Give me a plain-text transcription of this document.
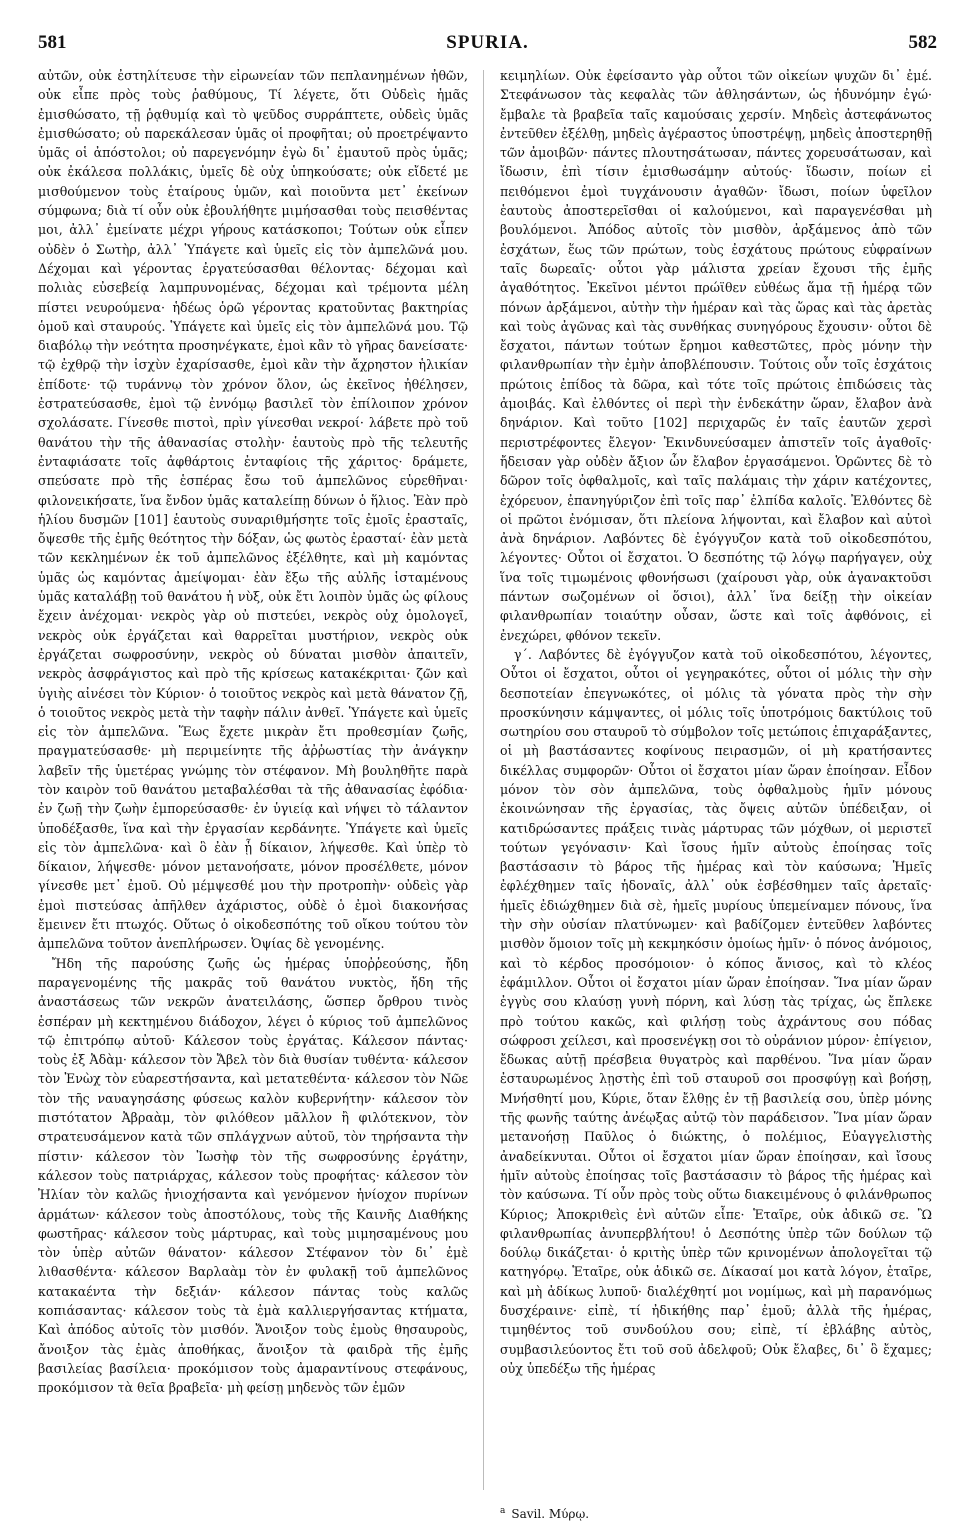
581	SPURIA.	582

αὐτῶν, οὐκ ἐστηλίτευσε τὴν εἰρωνείαν τῶν πεπλανημένων ἠθῶν, οὐκ εἶπε πρὸς τοὺς ῥαθύμους, Τί λέγετε, ὅτι Οὐδεὶς ἡμᾶς ἐμισθώσατο, τῇ ῥᾳθυμίᾳ καὶ τὸ ψεῦδος συρράπτετε, οὐδεὶς ὑμᾶς ἐμισθώσατο; οὐ παρεκάλεσαν ὑμᾶς οἱ προφῆται; οὐ προετρέψαντο ὑμᾶς οἱ ἀπόστολοι; οὐ παρεγενόμην ἐγὼ δι᾿ ἐμαυτοῦ πρὸς ὑμᾶς; οὐκ ἐκάλεσα πολλάκις, ὑμεῖς δὲ οὐχ ὑπηκούσατε; οὐκ εἴδετέ με μισθούμενον τοὺς ἑταίρους ὑμῶν, καὶ ποιοῦντα μετ᾿ ἐκείνων σύμφωνα; διὰ τί οὖν οὐκ ἐβουλήθητε μιμήσασθαι τοὺς πεισθέντας μοι, ἀλλ᾿ ἐμείνατε μέχρι γήρους κατάσκοποι; Τούτων οὐκ εἶπεν οὐδὲν ὁ Σωτὴρ, ἀλλ᾿ Ὑπάγετε καὶ ὑμεῖς εἰς τὸν ἀμπελῶνά μου. Δέχομαι καὶ γέροντας ἐργατεύσασθαι θέλοντας· δέχομαι καὶ πολιὰς εὐσεβείᾳ λαμπρυνομένας, δέχομαι καὶ τρέμοντα μέλη πίστει νευρούμενα· ἡδέως ὁρῶ γέροντας κρατοῦντας βακτηρίας ὁμοῦ καὶ σταυρούς. Ὑπάγετε καὶ ὑμεῖς εἰς τὸν ἀμπελῶνά μου. Τῷ διαβόλῳ τὴν νεότητα προσηνέγκατε, ἐμοὶ κἂν τὸ γῆρας δανείσατε· τῷ ἐχθρῷ τὴν ἰσχὺν ἐχαρίσασθε, ἐμοὶ κἂν τὴν ἄχρηστον ἡλικίαν ἐπίδοτε· τῷ τυράννῳ τὸν χρόνον ὅλον, ὡς ἐκεῖνος ἠθέλησεν, ἐστρατεύσασθε, ἐμοὶ τῷ ἐννόμῳ βασιλεῖ τὸν ἐπίλοιπον χρόνον σχολάσατε. Γίνεσθε πιστοὶ, πρὶν γίνεσθαι νεκροί· λάβετε πρὸ τοῦ θανάτου τὴν τῆς ἀθανασίας στολὴν· ἑαυτοὺς πρὸ τῆς τελευτῆς ἐνταφιάσατε τοῖς ἀφθάρτοις ἐνταφίοις τῆς χάριτος· δράμετε, σπεύσατε πρὸ τῆς ἑσπέρας ἔσω τοῦ ἀμπελῶνος εὑρεθῆναι· φιλονεικήσατε, ἵνα ἔνδον ὑμᾶς καταλείπῃ δύνων ὁ ἥλιος. Ἐὰν πρὸ ἡλίου δυσμῶν [101] ἑαυτοὺς συναριθμήσητε τοῖς ἐμοῖς ἐρασταῖς, ὄψεσθε τῆς ἐμῆς θεότητος τὴν δόξαν, ὡς φωτὸς ἐρασταί· ἐὰν μετὰ τῶν κεκλημένων ἐκ τοῦ ἀμπελῶνος ἐξέλθητε, καὶ μὴ καμόντας ὑμᾶς ὡς καμόντας ἀμείψομαι· ἐὰν ἔξω τῆς αὐλῆς ἱσταμένους ὑμᾶς καταλάβῃ τοῦ θανάτου ἡ νὺξ, οὐκ ἔτι λοιπὸν ὑμᾶς ὡς φίλους ἔχειν ἀνέχομαι· νεκρὸς γὰρ οὐ πιστεύει, νεκρὸς οὐχ ὁμολογεῖ, νεκρὸς οὐκ ἐργάζεται καὶ θαρρεῖται μυστήριον, νεκρὸς οὐκ ἐργάζεται σωφροσύνην, νεκρὸς οὐ δύναται μισθὸν ἀπαιτεῖν, νεκρὸς ἀσφράγιστος καὶ πρὸ τῆς κρίσεως κατακέκριται· ζῶν καὶ ὑγιὴς αἰνέσει τὸν Κύριον· ὁ τοιοῦτος νεκρὸς καὶ μετὰ θάνατον ζῇ, ὁ τοιοῦτος νεκρὸς μετὰ τὴν ταφὴν πάλιν ἀνθεῖ. Ὑπάγετε καὶ ὑμεῖς εἰς τὸν ἀμπελῶνα. Ἕως ἔχετε μικρὰν ἔτι προθεσμίαν ζωῆς, πραγματεύσασθε· μὴ περιμείνητε τῆς ἀῤῥωστίας τὴν ἀνάγκην λαβεῖν τῆς ὑμετέρας γνώμης τὸν στέφανον. Μὴ βουληθῆτε παρὰ τὸν καιρὸν τοῦ θανάτου μεταβαλέσθαι τὰ τῆς ἀθανασίας ἐφόδια· ἐν ζωῇ τὴν ζωὴν ἐμπορεύσασθε· ἐν ὑγιείᾳ καὶ νήψει τὸ τάλαντον ὑποδέξασθε, ἵνα καὶ τὴν ἐργασίαν κερδάνητε. Ὑπάγετε καὶ ὑμεῖς εἰς τὸν ἀμπελῶνα· καὶ ὃ ἐὰν ᾖ δίκαιον, λήψεσθε. Καὶ ὑπὲρ τὸ δίκαιον, λήψεσθε· μόνον μετανοήσατε, μόνον προσέλθετε, μόνον γίνεσθε μετ᾿ ἐμοῦ. Οὐ μέμψεσθέ μου τὴν προτροπὴν· οὐδεὶς γὰρ ἐμοὶ πιστεύσας ἀπῆλθεν ἀχάριστος, οὐδὲ ὁ ἐμοὶ διακονήσας ἔμεινεν ἔτι πτωχός. Οὕτως ὁ οἰκοδεσπότης τοῦ οἴκου τούτου τὸν ἀμπελῶνα τοῦτον ἀνεπλήρωσεν. Ὀψίας δὲ γενομένης.

Ἤδη τῆς παρούσης ζωῆς ὡς ἡμέρας ὑποῤῥεούσης, ἤδη παραγενομένης τῆς μακρᾶς τοῦ θανάτου νυκτὸς, ἤδη τῆς ἀναστάσεως τῶν νεκρῶν ἀνατειλάσης, ὥσπερ ὄρθρου τινὸς ἑσπέραν μὴ κεκτημένου διάδοχον, λέγει ὁ κύριος τοῦ ἀμπελῶνος τῷ ἐπιτρόπῳ αὐτοῦ· Κάλεσον τοὺς ἐργάτας. Κάλεσον πάντας· τοὺς ἐξ Ἀδὰμ· κάλεσον τὸν Ἄβελ τὸν διὰ θυσίαν τυθέντα· κάλεσον τὸν Ἐνὼχ τὸν εὐαρεστήσαντα, καὶ μετατεθέντα· κάλεσον τὸν Νῶε τὸν τῆς ναυαγησάσης φύσεως καλὸν κυβερνήτην· κάλεσον τὸν πιστότατον Ἀβραὰμ, τὸν φιλόθεον μᾶλλον ἢ φιλότεκνον, τὸν στρατευσάμενον κατὰ τῶν σπλάγχνων αὐτοῦ, τὸν τηρήσαντα τὴν πίστιν· κάλεσον τὸν Ἰωσὴφ τὸν τῆς σωφροσύνης ἐργάτην, κάλεσον τοὺς πατριάρχας, κάλεσον τοὺς προφήτας· κάλεσον τὸν Ἠλίαν τὸν καλῶς ἡνιοχήσαντα καὶ γενόμενον ἡνίοχον πυρίνων ἁρμάτων· κάλεσον τοὺς ἀποστόλους, τοὺς τῆς Καινῆς Διαθήκης φωστῆρας· κάλεσον τοὺς μάρτυρας, καὶ τοὺς μιμησαμένους μου τὸν ὑπὲρ αὐτῶν θάνατον· κάλεσον Στέφανον τὸν δι᾿ ἐμὲ λιθασθέντα· κάλεσον Βαρλαὰμ τὸν ἐν φυλακῇ τοῦ ἀμπελῶνος κατακαέντα τὴν δεξιάν· κάλεσον πάντας τοὺς καλῶς κοπιάσαντας· κάλεσον τοὺς τὰ ἐμὰ καλλιεργήσαντας κτήματα, Καὶ ἀπόδος αὐτοῖς τὸν μισθόν. Ἄνοιξον τοὺς ἐμοὺς θησαυροὺς, ἄνοιξον τὰς ἐμὰς ἀποθήκας, ἄνοιξον τὰ φαιδρὰ τῆς ἐμῆς βασιλείας βασίλεια· προκόμισον τοὺς ἀμαραντίνους στεφάνους, προκόμισον τὰ θεῖα βραβεῖα· μὴ φείσῃ μηδενὸς τῶν ἐμῶν

κειμηλίων. Οὐκ ἐφείσαντο γὰρ οὗτοι τῶν οἰκείων ψυχῶν δι᾿ ἐμέ. Στεφάνωσον τὰς κεφαλὰς τῶν ἀθλησάντων, ὡς ἡδυνόμην ἐγώ· ἔμβαλε τὰ βραβεῖα ταῖς καμούσαις χερσίν. Μηδεὶς ἀστεφάνωτος ἐντεῦθεν ἐξέλθῃ, μηδεὶς ἀγέραστος ὑποστρέψῃ, μηδεὶς ἀποστερηθῇ τῶν ἀμοιβῶν· πάντες πλουτησάτωσαν, πάντες χορευσάτωσαν, καὶ ἴδωσιν, ἐπὶ τίσιν ἐμισθωσάμην αὐτούς· ἴδωσιν, ποίων εἰ πειθόμενοι ἐμοὶ τυγχάνουσιν ἀγαθῶν· ἴδωσι, ποίων ὑφεῖλον ἑαυτοὺς ἀποστερεῖσθαι οἱ καλούμενοι, καὶ παραγενέσθαι μὴ βουλόμενοι. Ἀπόδος αὐτοῖς τὸν μισθὸν, ἀρξάμενος ἀπὸ τῶν ἐσχάτων, ἕως τῶν πρώτων, τοὺς ἐσχάτους πρώτους εὐφραίνων ταῖς δωρεαῖς· οὗτοι γὰρ μάλιστα χρείαν ἔχουσι τῆς ἐμῆς ἀγαθότητος. Ἐκεῖνοι μέντοι πρώϊθεν εὐθέως ἅμα τῇ ἡμέρᾳ τῶν πόνων ἀρξάμενοι, αὐτὴν τὴν ἡμέραν καὶ τὰς ὥρας καὶ τὰς ἀρετὰς καὶ τοὺς ἀγῶνας καὶ τὰς συνθήκας συνηγόρους ἔχουσιν· οὗτοι δὲ ἔσχατοι, πάντων τούτων ἔρημοι καθεστῶτες, πρὸς μόνην τὴν φιλανθρωπίαν τὴν ἐμὴν ἀποβλέπουσιν. Τούτοις οὖν τοῖς ἐσχάτοις πρώτοις ἐπίδος τὰ δῶρα, καὶ τότε τοῖς πρώτοις ἐπιδώσεις τὰς ἀμοιβάς. Καὶ ἐλθόντες οἱ περὶ τὴν ἑνδεκάτην ὥραν, ἔλαβον ἀνὰ δηνάριον. Καὶ τοῦτο [102] περιχαρῶς ἐν ταῖς ἑαυτῶν χερσὶ περιστρέφοντες ἔλεγον· Ἐκινδυνεύσαμεν ἀπιστεῖν τοῖς ἀγαθοῖς· ἤδεισαν γὰρ οὐδὲν ἄξιον ὧν ἔλαβον ἐργασάμενοι. Ὁρῶντες δὲ τὸ δῶρον τοῖς ὀφθαλμοῖς, καὶ ταῖς παλάμαις τὴν χάριν κατέχοντες, ἐχόρευον, ἐπανηγύριζον ἐπὶ τοῖς παρ᾿ ἐλπίδα καλοῖς. Ἐλθόντες δὲ οἱ πρῶτοι ἐνόμισαν, ὅτι πλείονα λήψονται, καὶ ἔλαβον καὶ αὐτοὶ ἀνὰ δηνάριον. Λαβόντες δὲ ἐγόγγυζον κατὰ τοῦ οἰκοδεσπότου, λέγοντες· Οὗτοι οἱ ἔσχατοι. Ὁ δεσπότης τῷ λόγῳ παρήγαγεν, οὐχ ἵνα τοῖς τιμωμένοις φθονήσωσι (χαίρουσι γὰρ, οὐκ ἀγανακτοῦσι πάντων σωζομένων οἱ ὅσιοι), ἀλλ᾿ ἵνα δείξῃ τὴν οἰκείαν φιλανθρωπίαν τοιαύτην οὖσαν, ὥστε καὶ τοῖς ἀφθόνοις, εἰ ἐνεχώρει, φθόνον τεκεῖν.

γ΄. Λαβόντες δὲ ἐγόγγυζον κατὰ τοῦ οἰκοδεσπότου, λέγοντες, Οὗτοι οἱ ἔσχατοι, οὗτοι οἱ γεγηρακότες, οὗτοι οἱ μόλις τὴν σὴν δεσποτείαν ἐπεγνωκότες, οἱ μόλις τὰ γόνατα πρὸς τὴν σὴν προσκύνησιν κάμψαντες, οἱ μόλις τοῖς ὑποτρόμοις δακτύλοις τοῦ σωτηρίου σου σταυροῦ τὸ σύμβολον τοῖς μετώποις ἐπιχαράξαντες, οἱ μὴ βαστάσαντες κοφίνους πειρασμῶν, οἱ μὴ κρατήσαντες δικέλλας συμφορῶν· Οὗτοι οἱ ἔσχατοι μίαν ὥραν ἐποίησαν. Εἶδον μόνον τὸν σὸν ἀμπελῶνα, τοὺς ὀφθαλμοὺς ἡμῖν μόνους ἐκοινώνησαν τῆς ἐργασίας, τὰς ὄψεις αὐτῶν ὑπέδειξαν, οἱ κατιδρώσαντες πράξεις τινὰς μάρτυρας τῶν μόχθων, οἱ μεριστεῖ τούτων γεγόνασιν· Καὶ ἴσους ἡμῖν αὐτοὺς ἐποίησας τοῖς βαστάσασιν τὸ βάρος τῆς ἡμέρας καὶ τὸν καύσωνα; Ἡμεῖς ἐφλέχθημεν ταῖς ἡδοναῖς, ἀλλ᾿ οὐκ ἐσβέσθημεν ταῖς ἀρεταῖς· ἡμεῖς ἐδιώχθημεν διὰ σὲ, ἡμεῖς μυρίους ὑπεμείναμεν πόνους, ἵνα τὴν σὴν οὐσίαν πλατύνωμεν· καὶ βαδίζομεν ἐντεῦθεν λαβόντες μισθὸν ὅμοιον τοῖς μὴ κεκμηκόσιν ὁμοίως ἡμῖν· ὁ πόνος ἀνόμοιος, καὶ τὸ κέρδος προσόμοιον· ὁ κόπος ἄνισος, καὶ τὸ κλέος ἐφάμιλλον. Οὗτοι οἱ ἔσχατοι μίαν ὥραν ἐποίησαν. Ἵνα μίαν ὥραν ἐγγὺς σου κλαύσῃ γυνὴ πόρνη, καὶ λύσῃ τὰς τρίχας, ὡς ἔπλεκε πρὸ τούτου κακῶς, καὶ φιλήσῃ τοὺς ἀχράντους σου πόδας σώφροσι χείλεσι, καὶ προσενέγκῃ σοι τὸ οὐράνιον μύρον· ἐπίγειον, ἔδωκας αὐτῇ πρέσβεια θυγατρὸς καὶ παρθένου. Ἵνα μίαν ὥραν ἐσταυρωμένος λῃστὴς ἐπὶ τοῦ σταυροῦ σοι προσφύγῃ καὶ βοήσῃ, Μνήσθητί μου, Κύριε, ὅταν ἔλθῃς ἐν τῇ βασιλείᾳ σου, ὑπὲρ μόνης τῆς φωνῆς ταύτης ἀνέῳξας αὐτῷ τὸν παράδεισον. Ἵνα μίαν ὥραν μετανοήσῃ Παῦλος ὁ διώκτης, ὁ πολέμιος, Εὐαγγελιστὴς ἀναδείκνυται. Οὗτοι οἱ ἔσχατοι μίαν ὥραν ἐποίησαν, καὶ ἴσους ἡμῖν αὐτοὺς ἐποίησας τοῖς βαστάσασιν τὸ βάρος τῆς ἡμέρας καὶ τὸν καύσωνα. Τί οὖν πρὸς τοὺς οὕτω διακειμένους ὁ φιλάνθρωπος Κύριος; Ἀποκριθεὶς ἑνὶ αὐτῶν εἶπε· Ἑταῖρε, οὐκ ἀδικῶ σε. Ὢ φιλανθρωπίας ἀνυπερβλήτου! ὁ Δεσπότης ὑπὲρ τῶν δούλων τῷ δούλῳ δικάζεται· ὁ κριτὴς ὑπὲρ τῶν κρινομένων ἀπολογεῖται τῷ κατηγόρῳ. Ἑταῖρε, οὐκ ἀδικῶ σε. Δίκασαί μοι κατὰ λόγον, ἑταῖρε, καὶ μὴ ἀδίκως λυποῦ· διαλέχθητί μοι νομίμως, καὶ μὴ παρανόμως δυσχέραινε· εἰπὲ, τί ἠδικήθης παρ᾿ ἐμοῦ; ἀλλὰ τῆς ἡμέρας, τιμηθέντος τοῦ συνδούλου σου; εἰπὲ, τί ἐβλάβης αὐτὸς, συμβασιλεύοντος ἔτι τοῦ σοῦ ἀδελφοῦ; Οὐκ ἔλαβες, δι᾿ ὃ ἔχαμες; οὐχ ὑπεδέξω τῆς ἡμέρας

$^a$ Savil. Μύρῳ.
